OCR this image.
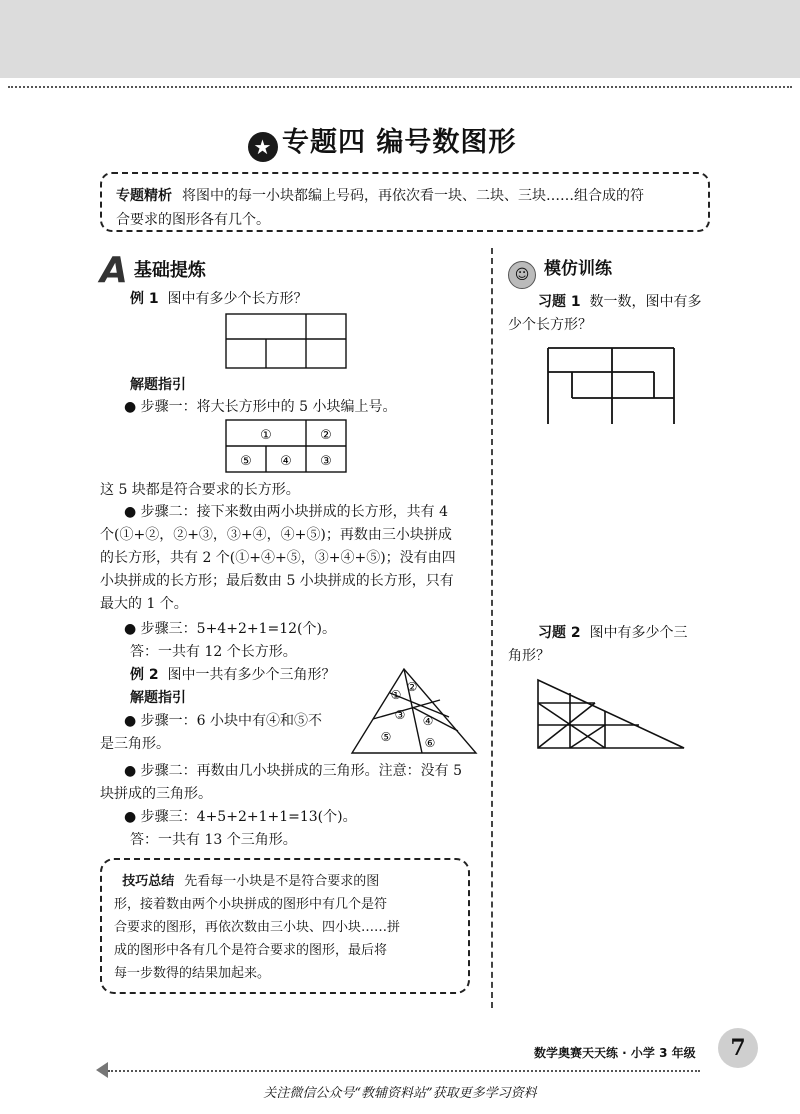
★ 专题四 编号数图形
专题精析 将图中的每一小块都编上号码，再依次看一块、二块、三块……组合成的符
合要求的图形各有几个。
A基础提炼
例 1 图中有多少个长方形？
解题指引
● 步骤一：将大长方形中的 5 小块编上号。
①	②
⑤ ④ ③
这 5 块都是符合要求的长方形。
● 步骤二：接下来数由两小块拼成的长方形，共有 4
个(①+②，②+③，③+④，④+⑤)；再数由三小块拼成
的长方形，共有 2 个(①+④+⑤，③+④+⑤)；没有由四
小块拼成的长方形；最后数由 5 小块拼成的长方形，只有
最大的 1 个。
● 步骤三：5+4+2+1=12(个)。
答：一共有 12 个长方形。
例 2 图中一共有多少个三角形？
①
②
③ ④
⑤	⑥
解题指引
● 步骤一：6 小块中有④和⑤不
是三角形。
● 步骤二：再数由几小块拼成的三角形。注意：没有 5
块拼成的三角形。
● 步骤三：4+5+2+1+1=13(个)。
答：一共有 13 个三角形。
技巧总结 先看每一小块是不是符合要求的图
形，接着数由两个小块拼成的图形中有几个是符
合要求的图形，再依次数由三小块、四小块……拼
成的图形中各有几个是符合要求的图形，最后将
每一步数得的结果加起来。
☺ 模仿训练
习题 1 数一数，图中有多
少个长方形？
习题 2 图中有多少个三
角形？
数学奥赛天天练 · 小学 3 年级	7
关注微信公众号“教辅资料站”获取更多学习资料
